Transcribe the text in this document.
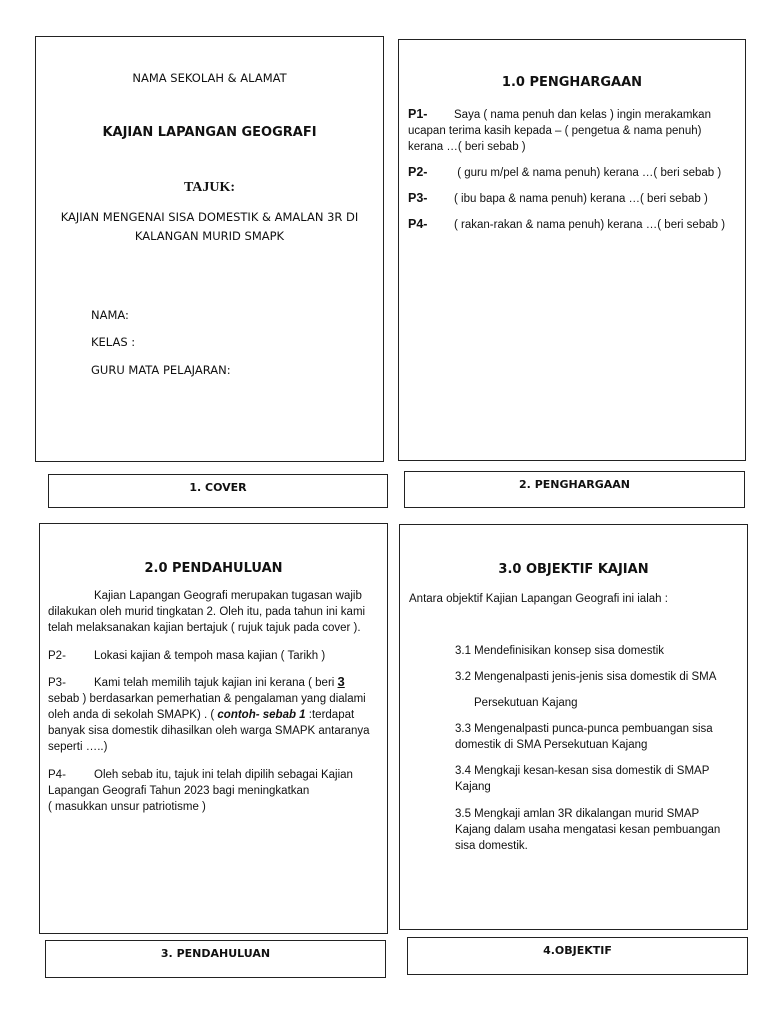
NAMA SEKOLAH & ALAMAT
KAJIAN LAPANGAN GEOGRAFI
TAJUK:
KAJIAN MENGENAI SISA DOMESTIK & AMALAN 3R DI
KALANGAN MURID SMAPK
NAMA:
KELAS :
GURU MATA PELAJARAN:
1. COVER
1.0 PENGHARGAAN
P1- Saya ( nama penuh dan kelas ) ingin merakamkan
ucapan terima kasih kepada – ( pengetua & nama penuh)
kerana …( beri sebab )
P2- ( guru m/pel & nama penuh) kerana …( beri sebab )
P3- ( ibu bapa & nama penuh) kerana …( beri sebab )
P4- ( rakan-rakan & nama penuh) kerana …( beri sebab )
2. PENGHARGAAN
2.0 PENDAHULUAN
Kajian Lapangan Geografi merupakan tugasan wajib
dilakukan oleh murid tingkatan 2. Oleh itu, pada tahun ini kami
telah melaksanakan kajian bertajuk ( rujuk tajuk pada cover ).
P2- Lokasi kajian & tempoh masa kajian ( Tarikh )
P3- Kami telah memilih tajuk kajian ini kerana ( beri 3
sebab ) berdasarkan pemerhatian & pengalaman yang dialami
oleh anda di sekolah SMAPK) . ( contoh- sebab 1 :terdapat
banyak sisa domestik dihasilkan oleh warga SMAPK antaranya
seperti …..)
P4- Oleh sebab itu, tajuk ini telah dipilih sebagai Kajian
Lapangan Geografi Tahun 2023 bagi meningkatkan
( masukkan unsur patriotisme )
3. PENDAHULUAN
3.0 OBJEKTIF KAJIAN
Antara objektif Kajian Lapangan Geografi ini ialah :
3.1 Mendefinisikan konsep sisa domestik
3.2 Mengenalpasti jenis-jenis sisa domestik di SMA
Persekutuan Kajang
3.3 Mengenalpasti punca-punca pembuangan sisa
domestik di SMA Persekutuan Kajang
3.4 Mengkaji kesan-kesan sisa domestik di SMAP
Kajang
3.5 Mengkaji amlan 3R dikalangan murid SMAP
Kajang dalam usaha mengatasi kesan pembuangan
sisa domestik.
4.OBJEKTIF
